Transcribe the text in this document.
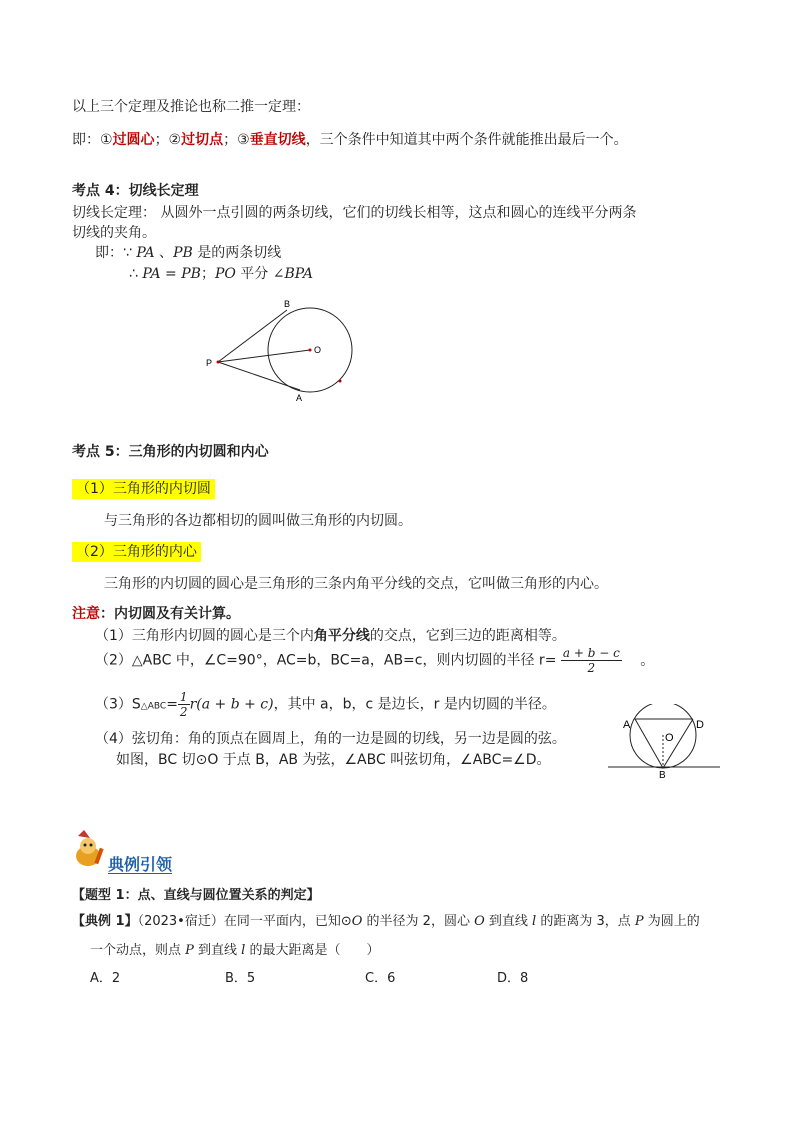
以上三个定理及推论也称二推一定理：
即：①过圆心；②过切点；③垂直切线，三个条件中知道其中两个条件就能推出最后一个。
考点 4：切线长定理
切线长定理： 从圆外一点引圆的两条切线，它们的切线长相等，这点和圆心的连线平分两条
切线的夹角。
即：∵ PA 、PB 是的两条切线
∴ PA = PB；PO 平分 ∠BPA
B
O
P
A
考点 5：三角形的内切圆和内心
（1）三角形的内切圆
与三角形的各边都相切的圆叫做三角形的内切圆。
（2）三角形的内心
三角形的内切圆的圆心是三角形的三条内角平分线的交点，它叫做三角形的内心。
注意：内切圆及有关计算。
（1）三角形内切圆的圆心是三个内角平分线的交点，它到三边的距离相等。
（2）△ABC 中，∠C=90°，AC=b，BC=a，AB=c，则内切圆的半径 $r= \frac{a + b - c}{2}$ 。
（3）S△ABC= $\frac{1}{2} r(a + b + c)$，其中 a，b，c 是边长，r 是内切圆的半径。
（4）弦切角：角的顶点在圆周上，角的一边是圆的切线，另一边是圆的弦。
如图，BC 切⊙O 于点 B，AB 为弦，∠ABC 叫弦切角，∠ABC=∠D。
A	D
O
B
典例引领
【题型 1：点、直线与圆位置关系的判定】
【典例 1】（2023•宿迁）在同一平面内，已知⊙O 的半径为 2，圆心 O 到直线 l 的距离为 3，点 P 为圆上的
一个动点，则点 P 到直线 l 的最大距离是（　　）
A．2	B．5	C．6	D．8
